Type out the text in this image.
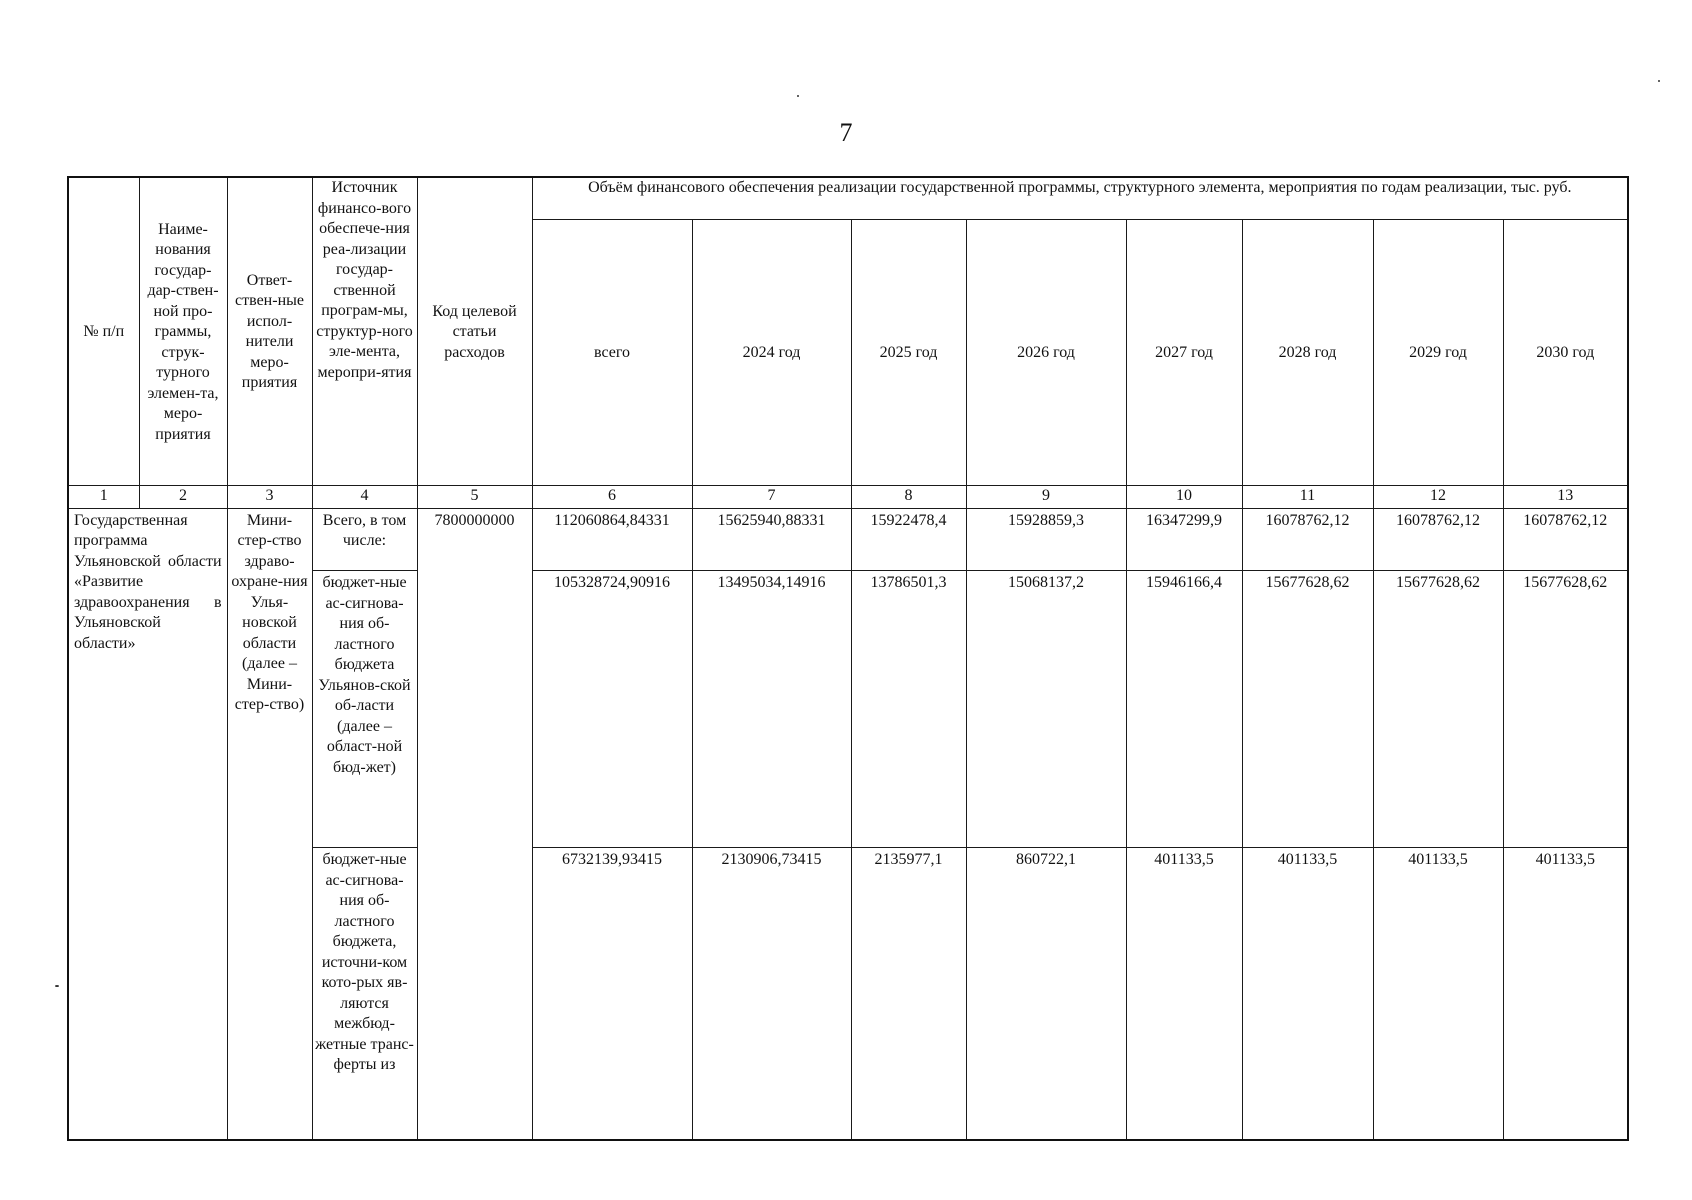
7
№ п/п	Наиме-нования государ-дар-ствен-ной про-граммы, струк-турного элемен-та, меро-приятия	Ответ-ствен-ные испол-нители меро-приятия	Источник финансо-вого обеспече-ния реа-лизации государ-ственной програм-мы, структур-ного эле-мента, меропри-ятия	Код целевой статьи расходов	Объём финансового обеспечения реализации государственной программы, структурного элемента, мероприятия по годам реализации, тыс. руб.							
					всего	2024 год	2025 год	2026 год	2027 год	2028 год	2029 год	2030 год
1	2	3	4	5	6	7	8	9	10	11	12	13
Государственная программа Ульяновской области «Развитие здравоохранения в Ульяновской области»		Мини-стер-ство здраво-охране-ния Улья-новской области (далее – Мини-стер-ство)	Всего, в том числе:	7800000000	112060864,84331	15625940,88331	15922478,4	15928859,3	16347299,9	16078762,12	16078762,12	16078762,12
			бюджет-ные ас-сигнова-ния об-ластного бюджета Ульянов-ской об-ласти (далее – област-ной бюд-жет)		105328724,90916	13495034,14916	13786501,3	15068137,2	15946166,4	15677628,62	15677628,62	15677628,62
			бюджет-ные ас-сигнова-ния об-ластного бюджета, источни-ком кото-рых яв-ляются межбюд-жетные транс-ферты из		6732139,93415	2130906,73415	2135977,1	860722,1	401133,5	401133,5	401133,5	401133,5
